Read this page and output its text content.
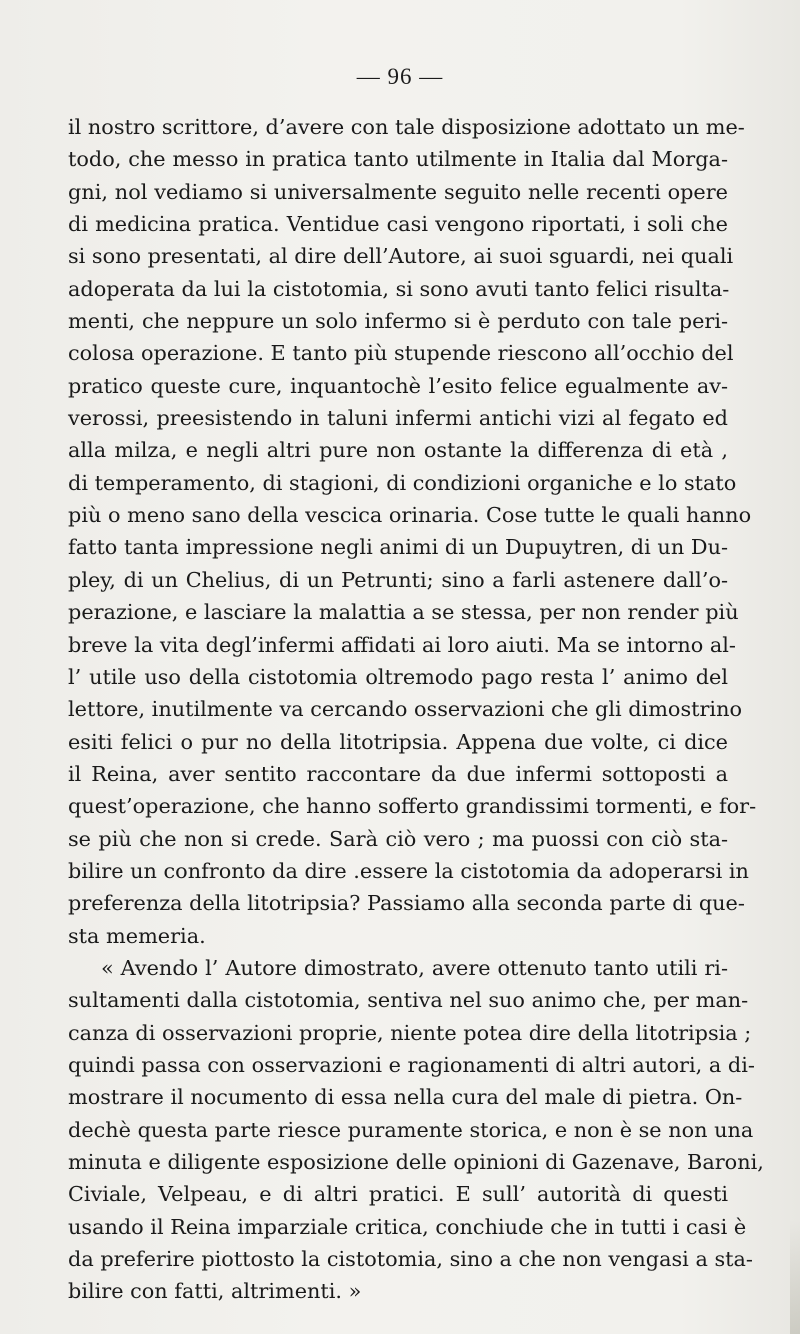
— 96 —
il nostro scrittore, d’avere con tale disposizione adottato un me-
todo, che messo in pratica tanto utilmente in Italia dal Morga-
gni, nol vediamo si universalmente seguito nelle recenti opere
di medicina pratica. Ventidue casi vengono riportati, i soli che
si sono presentati, al dire dell’Autore, ai suoi sguardi, nei quali
adoperata da lui la cistotomia, si sono avuti tanto felici risulta-
menti, che neppure un solo infermo si è perduto con tale peri-
colosa operazione. E tanto più stupende riescono all’occhio del
pratico queste cure, inquantochè l’esito felice egualmente av-
verossi, preesistendo in taluni infermi antichi vizi al fegato ed
alla milza, e negli altri pure non ostante la differenza di età ,
di temperamento, di stagioni, di condizioni organiche e lo stato
più o meno sano della vescica orinaria. Cose tutte le quali hanno
fatto tanta impressione negli animi di un Dupuytren, di un Du-
pley, di un Chelius, di un Petrunti; sino a farli astenere dall’o-
perazione, e lasciare la malattia a se stessa, per non render più
breve la vita degl’infermi affidati ai loro aiuti. Ma se intorno al-
l’ utile uso della cistotomia oltremodo pago resta l’ animo del
lettore, inutilmente va cercando osservazioni che gli dimostrino
esiti felici o pur no della litotripsia. Appena due volte, ci dice
il Reina, aver sentito raccontare da due infermi sottoposti a
quest’operazione, che hanno sofferto grandissimi tormenti, e for-
se più che non si crede. Sarà ciò vero ; ma puossi con ciò sta-
bilire un confronto da dire .essere la cistotomia da adoperarsi in
preferenza della litotripsia? Passiamo alla seconda parte di que-
sta memeria.
« Avendo l’ Autore dimostrato, avere ottenuto tanto utili ri-
sultamenti dalla cistotomia, sentiva nel suo animo che, per man-
canza di osservazioni proprie, niente potea dire della litotripsia ;
quindi passa con osservazioni e ragionamenti di altri autori, a di-
mostrare il nocumento di essa nella cura del male di pietra. On-
dechè questa parte riesce puramente storica, e non è se non una
minuta e diligente esposizione delle opinioni di Gazenave, Baroni,
Civiale, Velpeau, e di altri pratici. E sull’ autorità di questi
usando il Reina imparziale critica, conchiude che in tutti i casi è
da preferire piottosto la cistotomia, sino a che non vengasi a sta-
bilire con fatti, altrimenti. »
